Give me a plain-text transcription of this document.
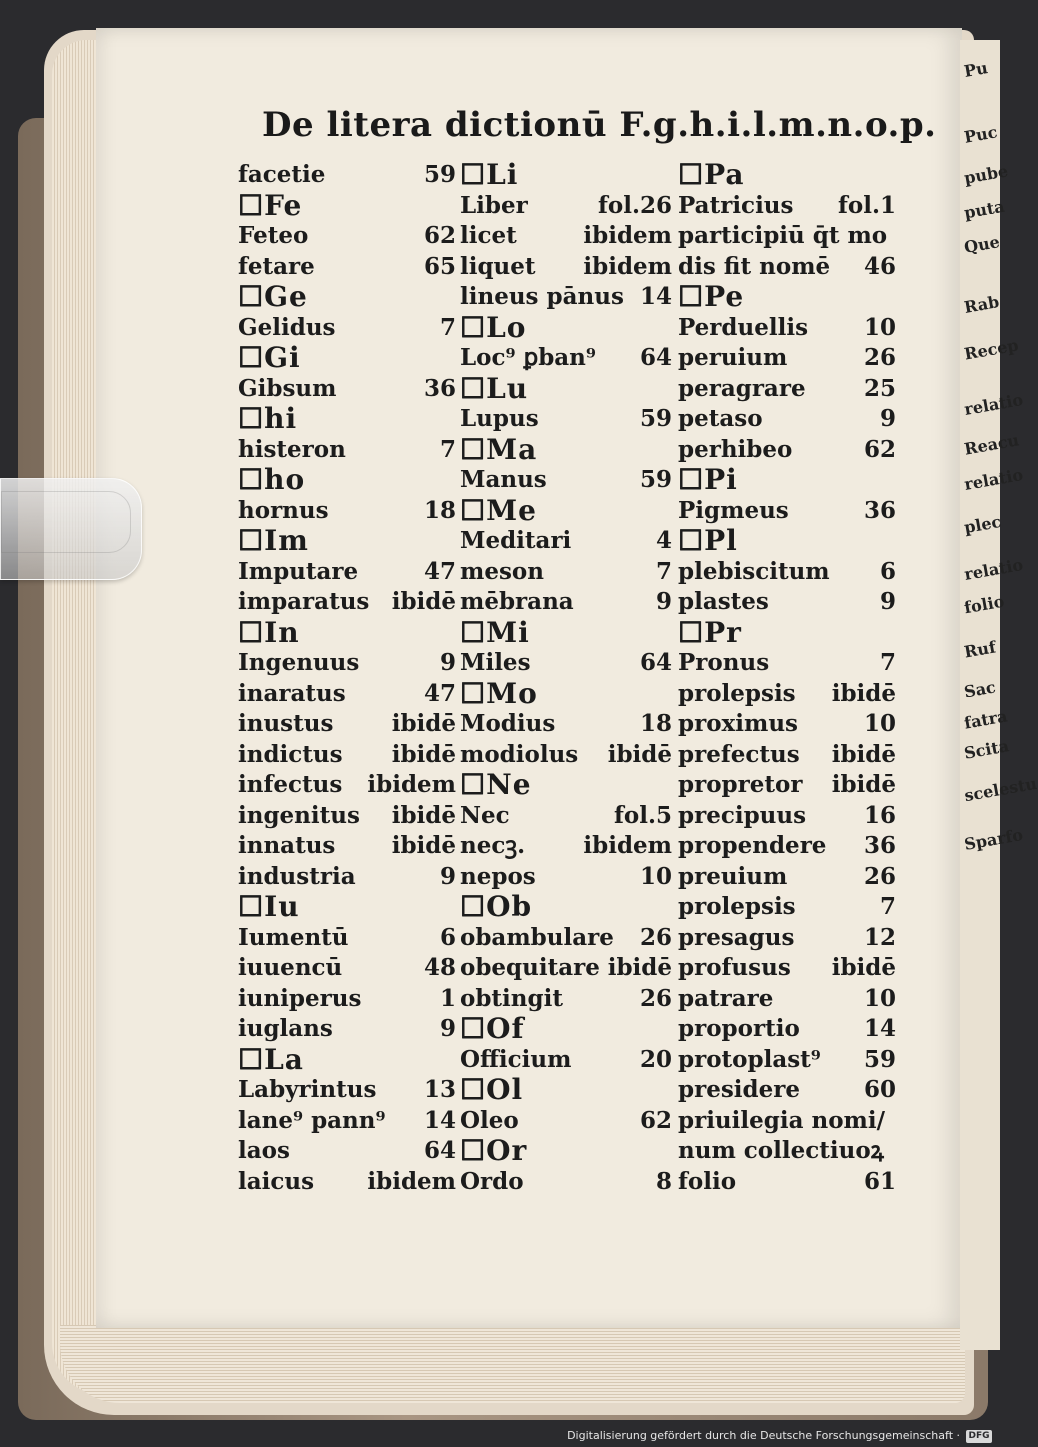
Pu
Puc
pube
puta
Que
Rab
Recep
relatio
Reacu
relatio
plec
relatio
folio
Ruf
Sac
fatra
Scita
scelestu
Sparfo
De litera dictionū F.g.h.i.l.m.n.o.p.
facetie	59
☐Fe
Feteo	62
fetare	65
☐Ge
Gelidus	7
☐Gi
Gibsum	36
☐hi
histeron	7
☐ho
hornus	18
☐Im
Imputare	47
imparatus ibidē
☐In
Ingenuus	9
inaratus	47
inustus	ibidē
indictus ibidē
infectus ibidem
ingenitus ibidē
innatus ibidē
industria	9
☐Iu
Iumentū	6
iuuencū	48
iuniperus	1
iuglans	9
☐La
Labyrintus 13
lane⁹ pann⁹ 14
laos	64
laicus ibidem
☐Li
Liber	fol.26
licet	ibidem
liquet ibidem
lineus pānus 14
☐Lo
Loc⁹ ꝑban⁹ 64
☐Lu
Lupus	59
☐Ma
Manus	59
☐Me
Meditari	4
meson	7
mēbrana	9
☐Mi
Miles	64
☐Mo
Modius	18
modiolus ibidē
☐Ne
Nec	fol.5
necꝫ.	ibidem
nepos	10
☐Ob
obambulare 26
obequitare ibidē
obtingit	26
☐Of
Officium	20
☐Ol
Oleo	62
☐Or
Ordo	8
☐Pa
Patricius fol.1
participiū q̄t mo
dis fit nomē 46
☐Pe
Perduellis 10
peruium	26
peragrare	25
petaso	9
perhibeo	62
☐Pi
Pigmeus	36
☐Pl
plebiscitum 6
plastes	9
☐Pr
Pronus	7
prolepsis ibidē
proximus	10
prefectus ibidē
propretor ibidē
precipuus	16
propendere 36
preuium	26
prolepsis	7
presagus	12
profusus ibidē
patrare	10
proportio	14
protoplast⁹ 59
presidere	60
priuilegia nomi/
num collectiuoꝝ
folio	61
Digitalisierung gefördert durch die Deutsche Forschungsgemeinschaft · DFG
